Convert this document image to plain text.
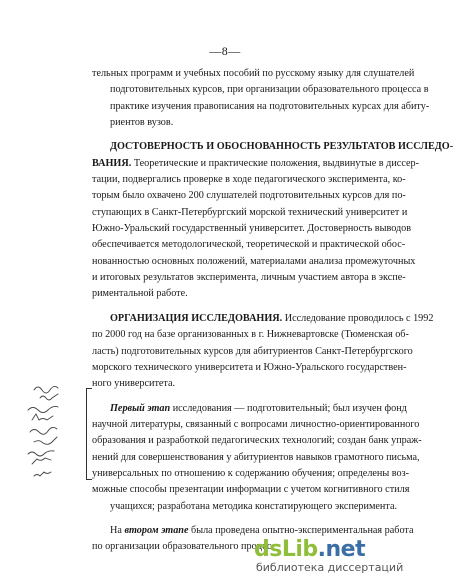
—8—

тельных программ и учебных пособий по русскому языку для слушателей
подготовительных курсов, при организации образовательного процесса в
практике изучения правописания на подготовительных курсах для абиту-
риентов вузов.

ДОСТОВЕРНОСТЬ И ОБОСНОВАННОСТЬ РЕЗУЛЬТАТОВ ИССЛЕДО-
ВАНИЯ. Теоретические и практические положения, выдвинутые в диссер-
тации, подвергались проверке в ходе педагогического эксперимента, ко-
торым было охвачено 200 слушателей подготовительных курсов для по-
ступающих в Санкт-Петербургский морской технический университет и
Южно-Уральский государственный университет. Достоверность выводов
обеспечивается методологической, теоретической и практической обос-
нованностью основных положений, материалами анализа промежуточных
и итоговых результатов эксперимента, личным участием автора в экспе-
риментальной работе.

ОРГАНИЗАЦИЯ ИССЛЕДОВАНИЯ. Исследование проводилось с 1992
по 2000 год на базе организованных в г. Нижневартовске (Тюменская об-
ласть) подготовительных курсов для абитуриентов Санкт-Петербургского
морского технического университета и Южно-Уральского государствен-
ного университета.

Первый этап исследования — подготовительный; был изучен фонд
научной литературы, связанный с вопросами личностно-ориентированного
образования и разработкой педагогических технологий; создан банк упраж-
нений для совершенствования у абитуриентов навыков грамотного письма,
универсальных по отношению к содержанию обучения; определены воз-
можные способы презентации информации с учетом когнитивного стиля
учащихся; разработана методика констатирующего эксперимента.

На втором этапе была проведена опытно-экспериментальная работа
по организации образовательного процес

dsLib.net
библиотека диссертаций
